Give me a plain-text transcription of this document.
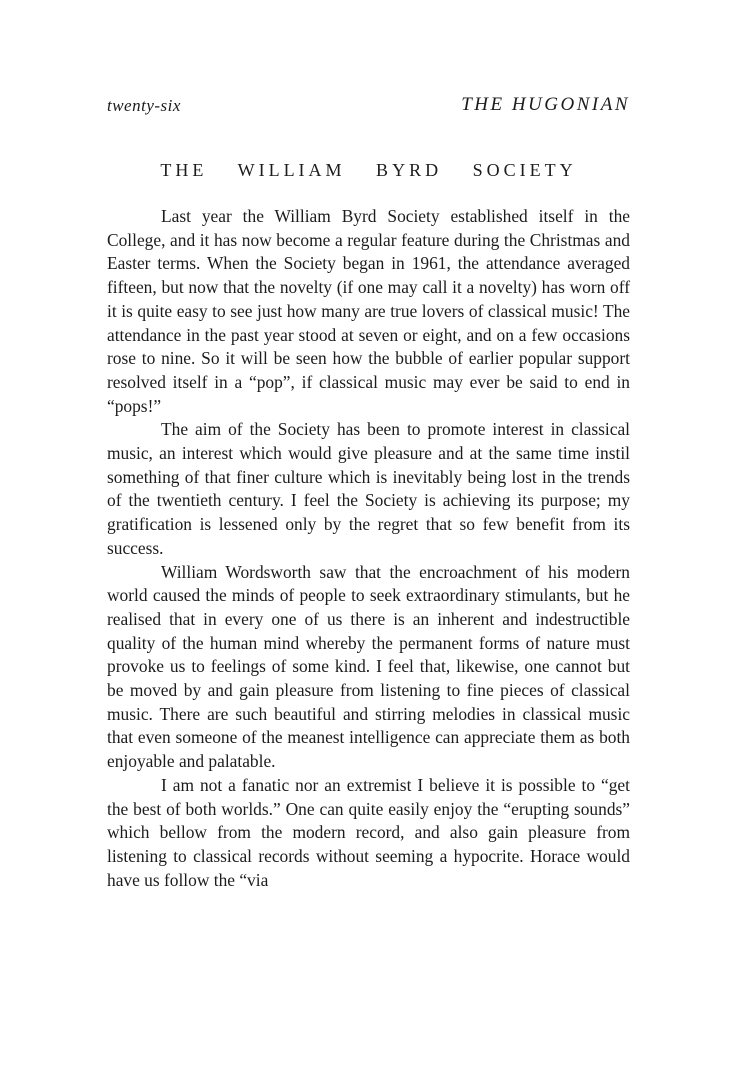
twenty-six	THE HUGONIAN
THE WILLIAM BYRD SOCIETY

Last year the William Byrd Society established itself in the College, and it has now become a regular feature during the Christmas and Easter terms. When the Society began in 1961, the attendance averaged fifteen, but now that the novelty (if one may call it a novelty) has worn off it is quite easy to see just how many are true lovers of classical music! The attendance in the past year stood at seven or eight, and on a few occasions rose to nine. So it will be seen how the bubble of earlier popular support resolved itself in a “pop”, if classical music may ever be said to end in “pops!”

The aim of the Society has been to promote interest in classical music, an interest which would give pleasure and at the same time instil something of that finer culture which is inevitably being lost in the trends of the twentieth century. I feel the Society is achieving its purpose; my gratification is lessened only by the regret that so few benefit from its success.

William Wordsworth saw that the encroachment of his modern world caused the minds of people to seek extraordinary stimulants, but he realised that in every one of us there is an inherent and indestructible quality of the human mind whereby the permanent forms of nature must provoke us to feelings of some kind. I feel that, likewise, one cannot but be moved by and gain pleasure from listening to fine pieces of classical music. There are such beautiful and stirring melodies in classical music that even someone of the meanest intelligence can appreciate them as both enjoyable and palatable.

I am not a fanatic nor an extremist I believe it is possible to “get the best of both worlds.” One can quite easily enjoy the “erupting sounds” which bellow from the modern record, and also gain pleasure from listening to classical records without seeming a hypocrite. Horace would have us follow the “via
